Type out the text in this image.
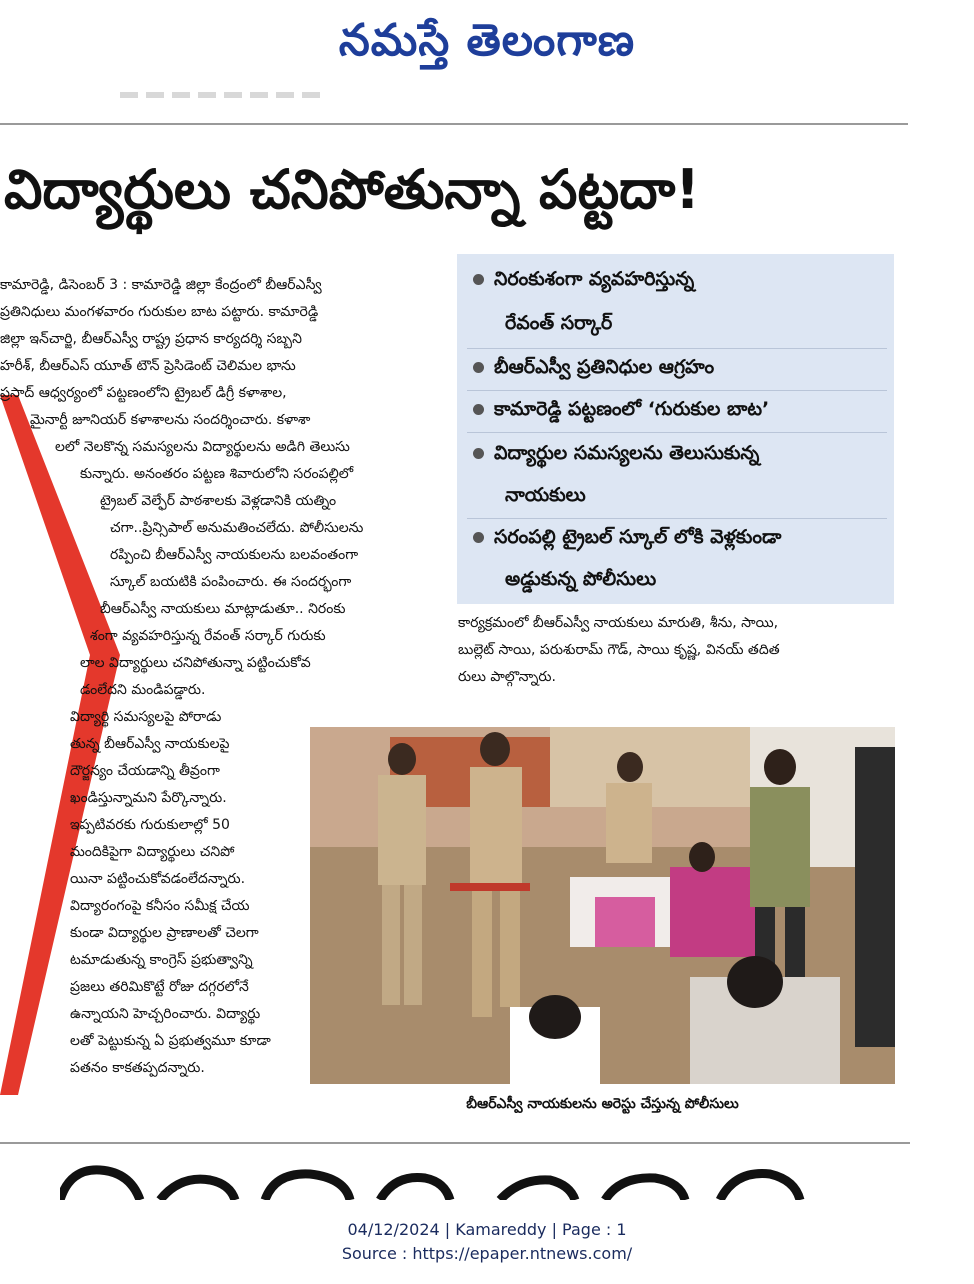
నమస్తే తెలంగాణ
విద్యార్థులు చనిపోతున్నా పట్టదా!
నిరంకుశంగా వ్యవహరిస్తున్న
రేవంత్ సర్కార్
బీఆర్ఎస్వీ ప్రతినిధుల ఆగ్రహం
కామారెడ్డి పట్టణంలో ‘గురుకుల బాట’
విద్యార్థుల సమస్యలను తెలుసుకున్న
నాయకులు
సరంపల్లి ట్రైబల్ స్కూల్ లోకి వెళ్లకుండా
అడ్డుకున్న పోలీసులు
కామారెడ్డి, డిసెంబర్ 3 : కామారెడ్డి జిల్లా కేంద్రంలో బీఆర్ఎస్వీ
ప్రతినిధులు మంగళవారం గురుకుల బాట పట్టారు. కామారెడ్డి
జిల్లా ఇన్‌చార్జి, బీఆర్ఎస్వీ రాష్ట్ర ప్రధాన కార్యదర్శి సబ్బని
హరీశ్, బీఆర్ఎస్ యూత్ టౌన్ ప్రెసిడెంట్ చెలిమల భాను
ప్రసాద్ ఆధ్వర్యంలో పట్టణంలోని ట్రైబల్ డిగ్రీ కళాశాల,
మైనార్టీ జూనియర్ కళాశాలను సందర్శించారు. కళాశా
లలో నెలకొన్న సమస్యలను విద్యార్థులను అడిగి తెలుసు
కున్నారు. అనంతరం పట్టణ శివారులోని సరంపల్లిలో
ట్రైబల్ వెల్ఫేర్ పాఠశాలకు వెళ్లడానికి యత్నిం
చగా..ప్రిన్సిపాల్ అనుమతించలేదు. పోలీసులను
రప్పించి బీఆర్ఎస్వీ నాయకులను బలవంతంగా
స్కూల్ బయటికి పంపించారు. ఈ సందర్భంగా
బీఆర్ఎస్వీ నాయకులు మాట్లాడుతూ.. నిరంకు
శంగా వ్యవహరిస్తున్న రేవంత్ సర్కార్ గురుకు
లాల విద్యార్థులు చనిపోతున్నా పట్టించుకోవ
డంలేదని మండిపడ్డారు.
విద్యార్థి సమస్యలపై పోరాడు
తున్న బీఆర్ఎస్వీ నాయకులపై
దౌర్జన్యం చేయడాన్ని తీవ్రంగా
ఖండిస్తున్నామని పేర్కొన్నారు.
ఇప్పటివరకు గురుకులాల్లో 50
మందికిపైగా విద్యార్థులు చనిపో
యినా పట్టించుకోవడంలేదన్నారు.
విద్యారంగంపై కనీసం సమీక్ష చేయ
కుండా విద్యార్థుల ప్రాణాలతో చెలగా
టమాడుతున్న కాంగ్రెస్ ప్రభుత్వాన్ని
ప్రజలు తరిమికొట్టే రోజు దగ్గరలోనే
ఉన్నాయని హెచ్చరించారు. విద్యార్థు
లతో పెట్టుకున్న ఏ ప్రభుత్వమూ కూడా
పతనం కాకతప్పదన్నారు.
కార్యక్రమంలో బీఆర్ఎస్వీ నాయకులు మారుతి, శీను, సాయి,
బుల్లెట్ సాయి, పరుశురామ్ గౌడ్, సాయి కృష్ణ, వినయ్ తదిత
రులు పాల్గొన్నారు.
బీఆర్ఎస్వీ నాయకులను అరెస్టు చేస్తున్న పోలీసులు
04/12/2024 | Kamareddy | Page : 1
Source : https://epaper.ntnews.com/
